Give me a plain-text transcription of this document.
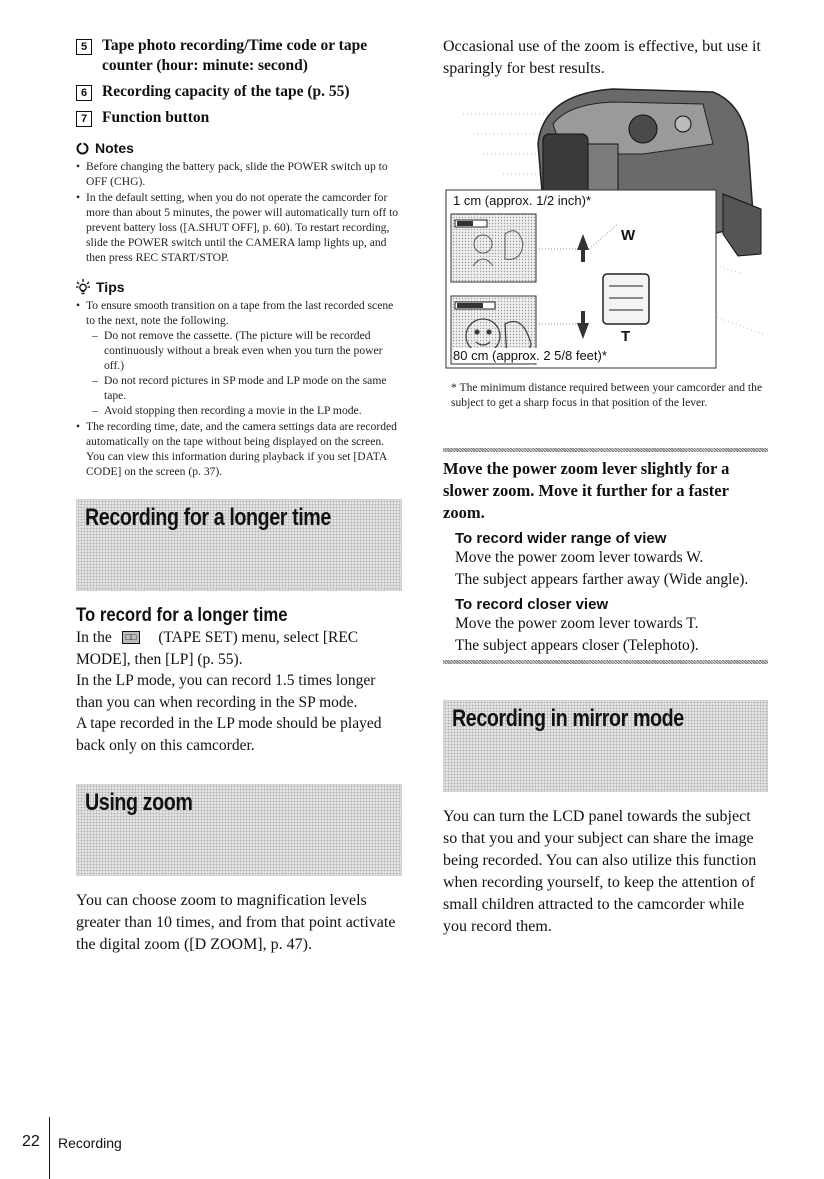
5 Tape photo recording/Time code or tape counter (hour: minute: second)
6 Recording capacity of the tape (p. 55)
7 Function button
Notes
• Before changing the battery pack, slide the POWER switch up to OFF (CHG).
• In the default setting, when you do not operate the camcorder for more than about 5 minutes, the power will automatically turn off to prevent battery loss ([A.SHUT OFF], p. 60). To restart recording, slide the POWER switch until the CAMERA lamp lights up, and then press REC START/STOP.
Tips
• To ensure smooth transition on a tape from the last recorded scene to the next, note the following.
– Do not remove the cassette. (The picture will be recorded continuously without a break even when you turn the power off.)
– Do not record pictures in SP mode and LP mode on the same tape.
– Avoid stopping then recording a movie in the LP mode.
• The recording time, date, and the camera settings data are recorded automatically on the tape without being displayed on the screen. You can view this information during playback if you set [DATA CODE] on the screen (p. 37).
Recording for a longer time
To record for a longer time
In the □□ (TAPE SET) menu, select [REC MODE], then [LP] (p. 55).
In the LP mode, you can record 1.5 times longer than you can when recording in the SP mode.
A tape recorded in the LP mode should be played back only on this camcorder.
Using zoom
You can choose zoom to magnification levels greater than 10 times, and from that point activate the digital zoom ([D ZOOM], p. 47).
Occasional use of the zoom is effective, but use it sparingly for best results.
1 cm (approx. 1/2 inch)*
80 cm (approx. 2 5/8 feet)*
W
T
* The minimum distance required between your camcorder and the subject to get a sharp focus in that position of the lever.
Move the power zoom lever slightly for a slower zoom. Move it further for a faster zoom.
To record wider range of view
Move the power zoom lever towards W.
The subject appears farther away (Wide angle).
To record closer view
Move the power zoom lever towards T.
The subject appears closer (Telephoto).
Recording in mirror mode
You can turn the LCD panel towards the subject so that you and your subject can share the image being recorded. You can also utilize this function when recording yourself, to keep the attention of small children attracted to the camcorder while you record them.
22 Recording
